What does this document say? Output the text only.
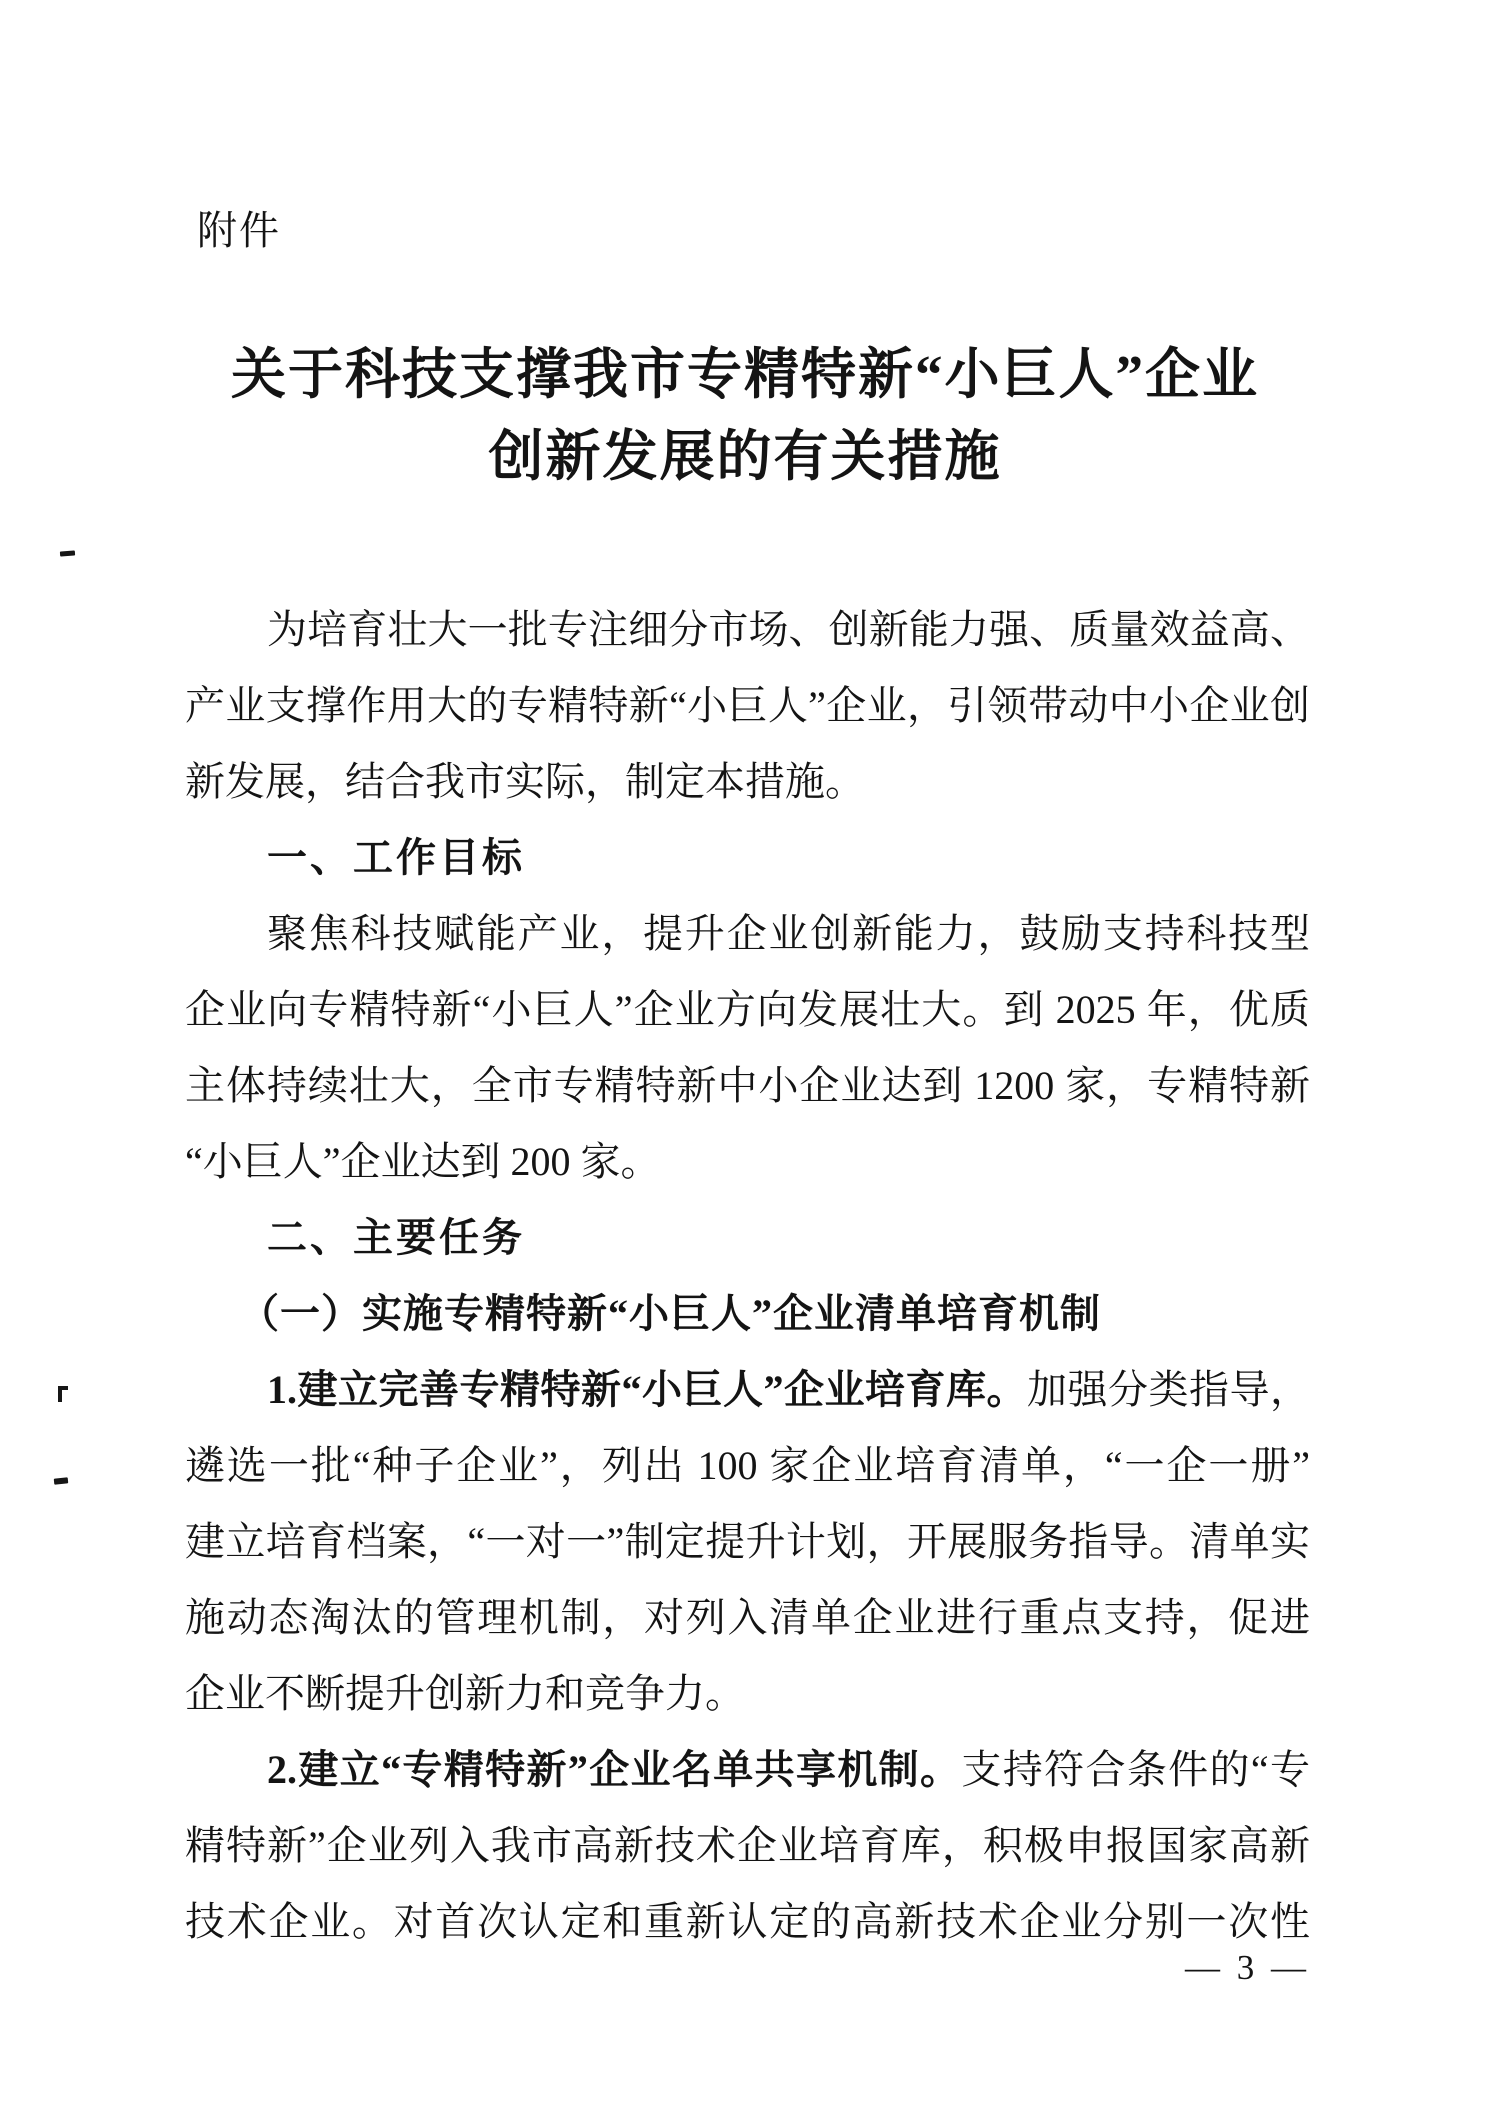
附件
关于科技支撑我市专精特新“小巨人”企业
创新发展的有关措施

为培育壮大一批专注细分市场、创新能力强、质量效益高、

产业支撑作用大的专精特新“小巨人”企业，引领带动中小企业创

新发展，结合我市实际，制定本措施。

一、工作目标

聚焦科技赋能产业，提升企业创新能力，鼓励支持科技型

企业向专精特新“小巨人”企业方向发展壮大。到 2025 年，优质

主体持续壮大，全市专精特新中小企业达到 1200 家，专精特新

“小巨人”企业达到 200 家。

二、主要任务

（一）实施专精特新“小巨人”企业清单培育机制

1.建立完善专精特新“小巨人”企业培育库。加强分类指导，

遴选一批“种子企业”，列出 100 家企业培育清单，“一企一册”

建立培育档案，“一对一”制定提升计划，开展服务指导。清单实

施动态淘汰的管理机制，对列入清单企业进行重点支持，促进

企业不断提升创新力和竞争力。

2.建立“专精特新”企业名单共享机制。支持符合条件的“专

精特新”企业列入我市高新技术企业培育库，积极申报国家高新

技术企业。对首次认定和重新认定的高新技术企业分别一次性

— 3 —
